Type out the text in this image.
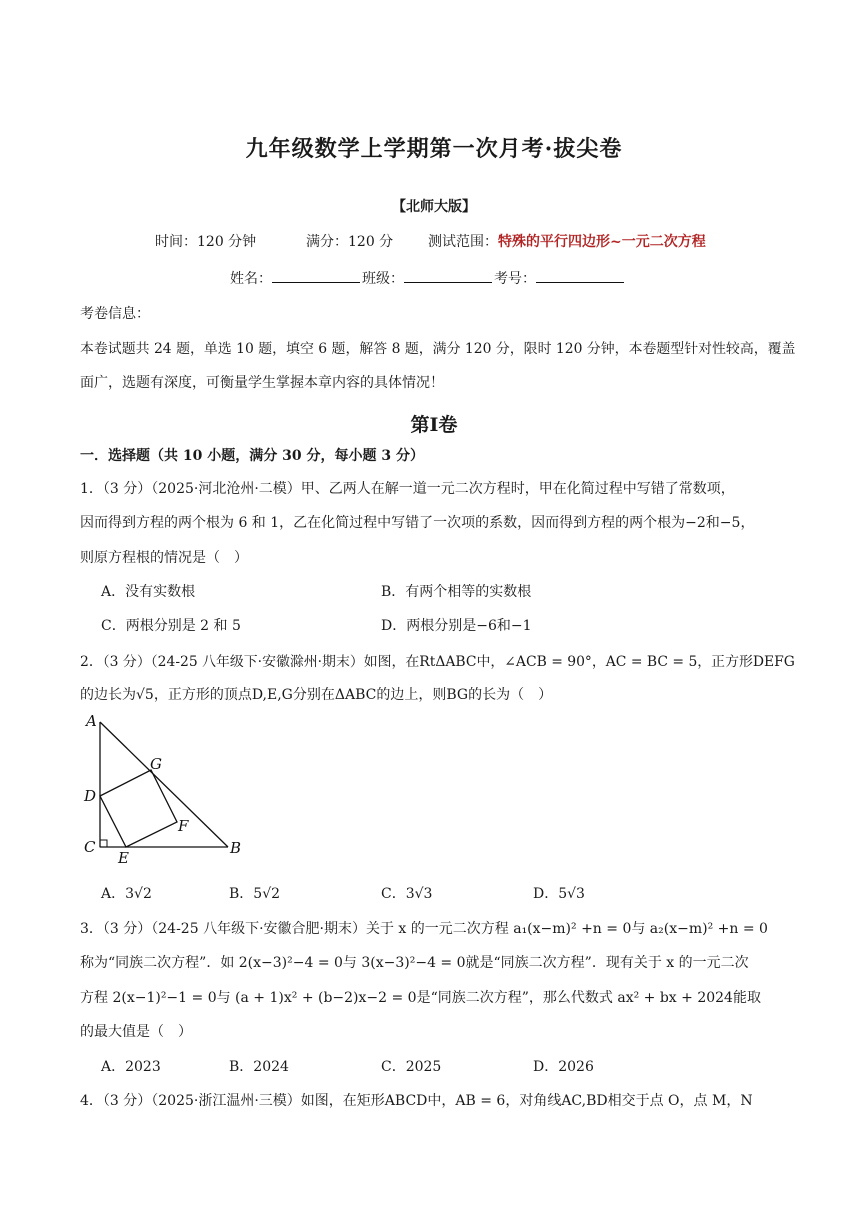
九年级数学上学期第一次月考·拔尖卷
【北师大版】
时间：120 分钟	满分：120 分 测试范围：特殊的平行四边形~一元二次方程
姓名：	班级：	考号：
考卷信息：
本卷试题共 24 题，单选 10 题，填空 6 题，解答 8 题，满分 120 分，限时 120 分钟，本卷题型针对性较高，覆盖
面广，选题有深度，可衡量学生掌握本章内容的具体情况！
第Ⅰ卷
一．选择题（共 10 小题，满分 30 分，每小题 3 分）
1．（3 分）（2025·河北沧州·二模）甲、乙两人在解一道一元二次方程时，甲在化简过程中写错了常数项，
因而得到方程的两个根为 6 和 1，乙在化简过程中写错了一次项的系数，因而得到方程的两个根为−2和−5，
则原方程根的情况是（　）
A．没有实数根	B．有两个相等的实数根
C．两根分别是 2 和 5	D．两根分别是−6和−1
2．（3 分）（24-25 八年级下·安徽滁州·期末）如图，在RtΔABC中，∠ACB = 90°，AC = BC = 5，正方形DEFG
的边长为√5，正方形的顶点D,E,G分别在ΔABC的边上，则BG的长为（　）
A
G
D
F
C
E
B
A．3√2	B．5√2	C．3√3	D．5√3
3．（3 分）（24-25 八年级下·安徽合肥·期末）关于 x 的一元二次方程 a₁(x−m)² +n = 0与 a₂(x−m)² +n = 0
称为“同族二次方程”．如 2(x−3)²−4 = 0与 3(x−3)²−4 = 0就是“同族二次方程”．现有关于 x 的一元二次
方程 2(x−1)²−1 = 0与 (a + 1)x² + (b−2)x−2 = 0是“同族二次方程”，那么代数式 ax² + bx + 2024能取
的最大值是（　）
A．2023	B．2024	C．2025	D．2026
4．（3 分）（2025·浙江温州·三模）如图，在矩形ABCD中，AB = 6，对角线AC,BD相交于点 O，点 M，N
